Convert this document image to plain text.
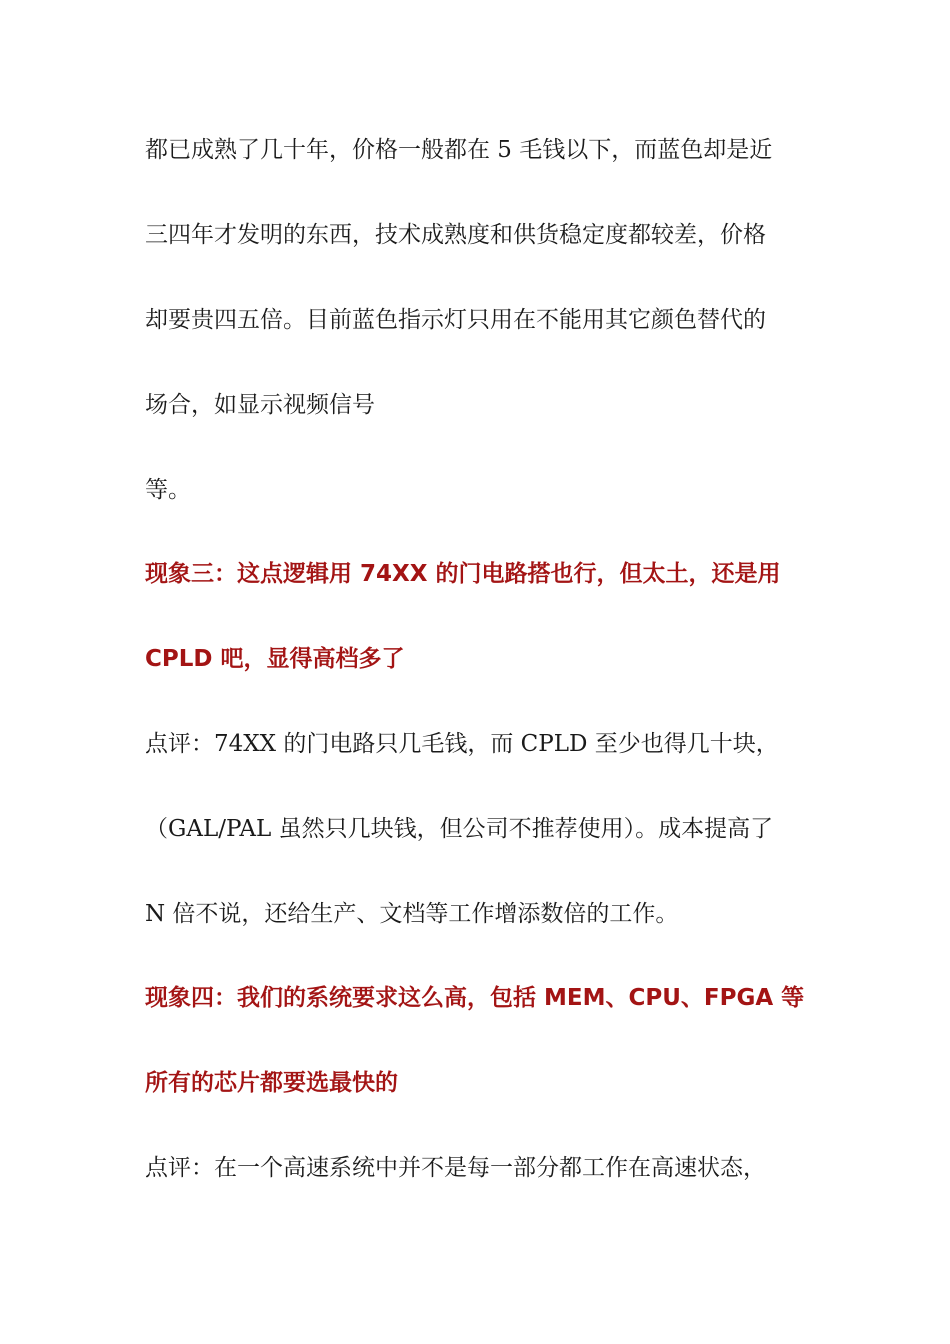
都已成熟了几十年，价格一般都在 5 毛钱以下，而蓝色却是近
三四年才发明的东西，技术成熟度和供货稳定度都较差，价格
却要贵四五倍。目前蓝色指示灯只用在不能用其它颜色替代的
场合，如显示视频信号
等。
现象三：这点逻辑用 74XX 的门电路搭也行，但太土，还是用
CPLD 吧，显得高档多了
点评：74XX 的门电路只几毛钱，而 CPLD 至少也得几十块，
（GAL/PAL 虽然只几块钱，但公司不推荐使用）。成本提高了
N 倍不说，还给生产、文档等工作增添数倍的工作。
现象四：我们的系统要求这么高，包括 MEM、CPU、FPGA 等
所有的芯片都要选最快的
点评：在一个高速系统中并不是每一部分都工作在高速状态，
